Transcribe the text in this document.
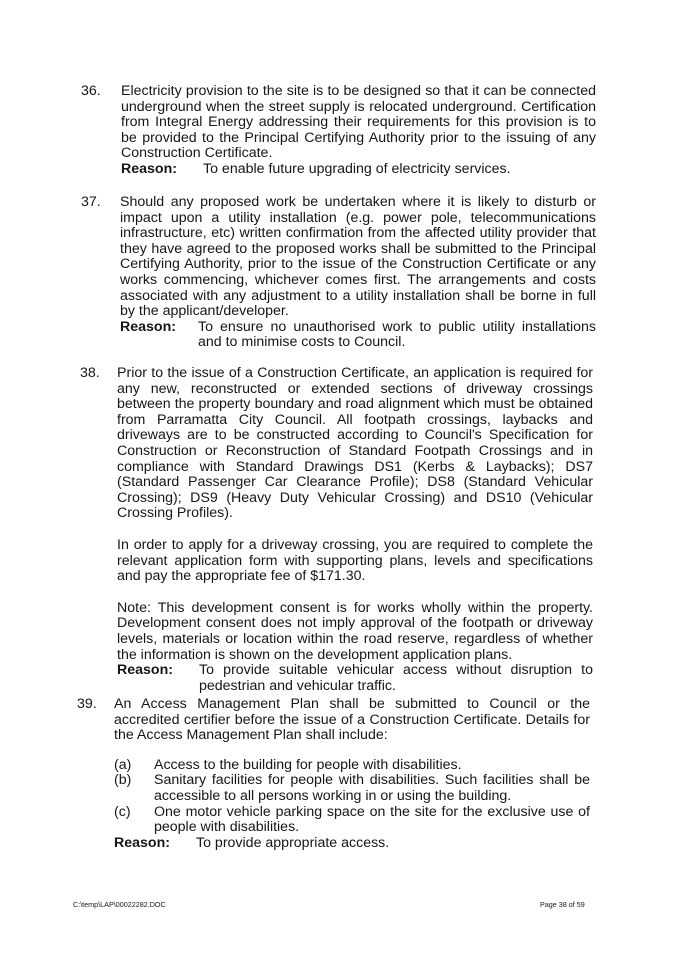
36. Electricity provision to the site is to be designed so that it can be connected underground when the street supply is relocated underground. Certification from Integral Energy addressing their requirements for this provision is to be provided to the Principal Certifying Authority prior to the issuing of any Construction Certificate.

Reason:	To enable future upgrading of electricity services.
37. Should any proposed work be undertaken where it is likely to disturb or impact upon a utility installation (e.g. power pole, telecommunications infrastructure, etc) written confirmation from the affected utility provider that they have agreed to the proposed works shall be submitted to the Principal Certifying Authority, prior to the issue of the Construction Certificate or any works commencing, whichever comes first. The arrangements and costs associated with any adjustment to a utility installation shall be borne in full by the applicant/developer.

Reason:	To ensure no unauthorised work to public utility installations and to minimise costs to Council.
38. Prior to the issue of a Construction Certificate, an application is required for any new, reconstructed or extended sections of driveway crossings between the property boundary and road alignment which must be obtained from Parramatta City Council. All footpath crossings, laybacks and driveways are to be constructed according to Council's Specification for Construction or Reconstruction of Standard Footpath Crossings and in compliance with Standard Drawings DS1 (Kerbs & Laybacks); DS7 (Standard Passenger Car Clearance Profile); DS8 (Standard Vehicular Crossing); DS9 (Heavy Duty Vehicular Crossing) and DS10 (Vehicular Crossing Profiles).

In order to apply for a driveway crossing, you are required to complete the relevant application form with supporting plans, levels and specifications and pay the appropriate fee of $171.30.

Note: This development consent is for works wholly within the property. Development consent does not imply approval of the footpath or driveway levels, materials or location within the road reserve, regardless of whether the information is shown on the development application plans.

Reason:	To provide suitable vehicular access without disruption to pedestrian and vehicular traffic.
39. An Access Management Plan shall be submitted to Council or the accredited certifier before the issue of a Construction Certificate. Details for the Access Management Plan shall include:

(a)	Access to the building for people with disabilities.
(b)	Sanitary facilities for people with disabilities. Such facilities shall be accessible to all persons working in or using the building.
(c)	One motor vehicle parking space on the site for the exclusive use of people with disabilities.
Reason:	To provide appropriate access.
C:\temp\LAP\00022282.DOC	Page 38 of 59
